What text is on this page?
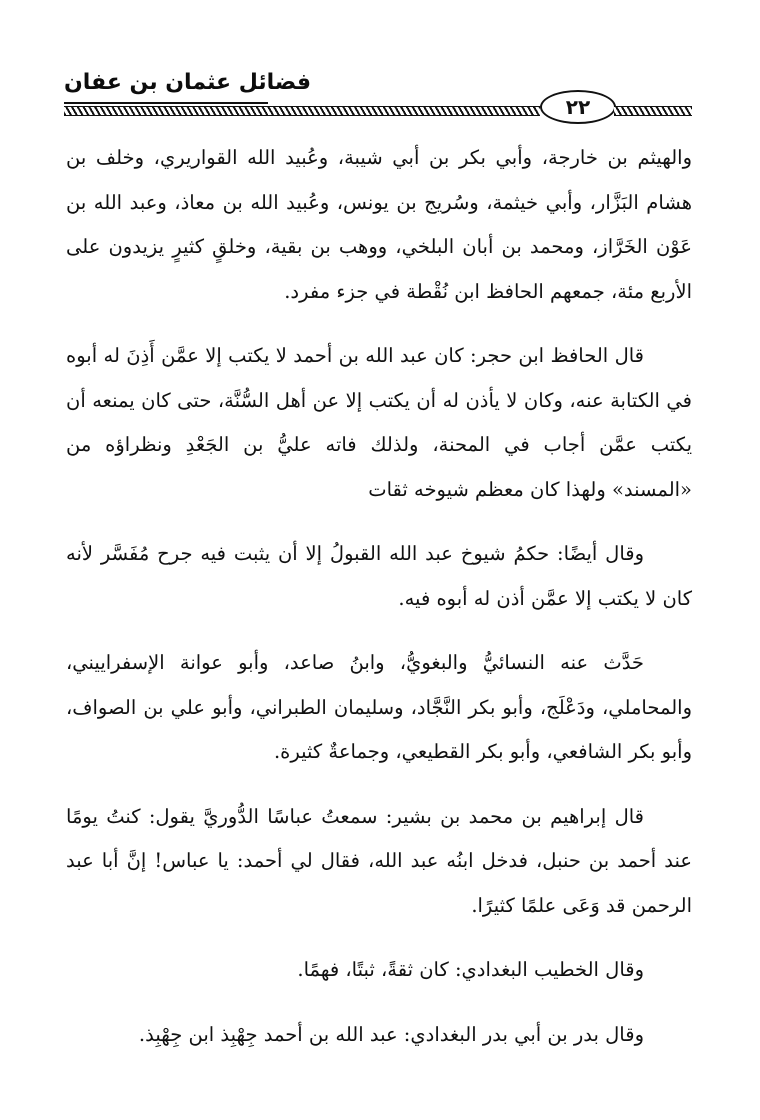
فضائل عثمان بن عفان
٢٢

والهيثم بن خارجة، وأبي بكر بن أبي شيبة، وعُبيد الله القواريري، وخلف بن هشام البَزَّار، وأبي خيثمة، وسُريج بن يونس، وعُبيد الله بن معاذ، وعبد الله بن عَوْن الخَرَّاز، ومحمد بن أبان البلخي، ووهب بن بقية، وخلقٍ كثيرٍ يزيدون على الأربع مئة، جمعهم الحافظ ابن نُقْطة في جزء مفرد.

قال الحافظ ابن حجر: كان عبد الله بن أحمد لا يكتب إلا عمَّن أَذِنَ له أبوه في الكتابة عنه، وكان لا يأذن له أن يكتب إلا عن أهل السُّنَّة، حتى كان يمنعه أن يكتب عمَّن أجاب في المحنة، ولذلك فاته عليُّ بن الجَعْدِ ونظراؤه من «المسند» ولهذا كان معظم شيوخه ثقات

وقال أيضًا: حكمُ شيوخ عبد الله القبولُ إلا أن يثبت فيه جرح مُفَسَّر لأنه كان لا يكتب إلا عمَّن أذن له أبوه فيه.

حَدَّث عنه النسائيُّ والبغويُّ، وابنُ صاعد، وأبو عوانة الإسفراييني، والمحاملي، ودَعْلَج، وأبو بكر النَّجَّاد، وسليمان الطبراني، وأبو علي بن الصواف، وأبو بكر الشافعي، وأبو بكر القطيعي، وجماعةٌ كثيرة.

قال إبراهيم بن محمد بن بشير: سمعتُ عباسًا الدُّوريَّ يقول: كنتُ يومًا عند أحمد بن حنبل، فدخل ابنُه عبد الله، فقال لي أحمد: يا عباس! إنَّ أبا عبد الرحمن قد وَعَى علمًا كثيرًا.

وقال الخطيب البغدادي: كان ثقةً، ثبتًا، فهمًا.

وقال بدر بن أبي بدر البغدادي: عبد الله بن أحمد جِهْبِذ ابن جِهْبِذ.
